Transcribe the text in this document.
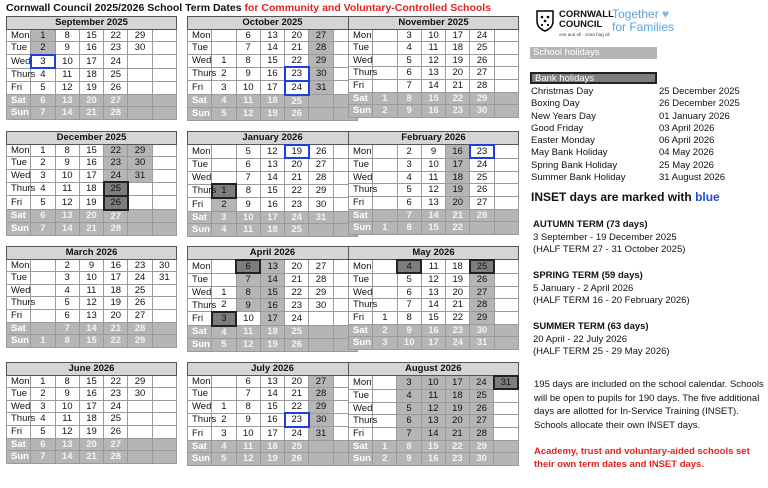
Cornwall Council 2025/2026 School Term Dates for Community and Voluntary-Controlled Schools
September 2025						
Mon	1	8	15	22	29	
Tue	2	9	16	23	30	
Wed	3	10	17	24		
Thurs	4	11	18	25		
Fri	5	12	19	26		
Sat	6	13	20	27		
Sun	7	14	21	28		
October 2025						
Mon		6	13	20	27	
Tue		7	14	21	28	
Wed	1	8	15	22	29	
Thurs	2	9	16	23	30	
Fri	3	10	17	24	31	
Sat	4	11	18	25		
Sun	5	12	19	26		
November 2025						
Mon		3	10	17	24	
Tue		4	11	18	25	
Wed		5	12	19	26	
Thurs		6	13	20	27	
Fri		7	14	21	28	
Sat	1	8	15	22	29	
Sun	2	9	16	23	30	
December 2025						
Mon	1	8	15	22	29	
Tue	2	9	16	23	30	
Wed	3	10	17	24	31	
Thurs	4	11	18	25		
Fri	5	12	19	26		
Sat	6	13	20	27		
Sun	7	14	21	28		
January 2026						
Mon		5	12	19	26	
Tue		6	13	20	27	
Wed		7	14	21	28	
Thurs	1	8	15	22	29	
Fri	2	9	16	23	30	
Sat	3	10	17	24	31	
Sun	4	11	18	25		
February 2026						
Mon		2	9	16	23	
Tue		3	10	17	24	
Wed		4	11	18	25	
Thurs		5	12	19	26	
Fri		6	13	20	27	
Sat		7	14	21	28	
Sun	1	8	15	22		
March 2026						
Mon		2	9	16	23	30
Tue		3	10	17	24	31
Wed		4	11	18	25	
Thurs		5	12	19	26	
Fri		6	13	20	27	
Sat		7	14	21	28	
Sun	1	8	15	22	29	
April 2026						
Mon		6	13	20	27	
Tue		7	14	21	28	
Wed	1	8	15	22	29	
Thurs	2	9	16	23	30	
Fri	3	10	17	24		
Sat	4	11	18	25		
Sun	5	12	19	26		
May 2026						
Mon		4	11	18	25	
Tue		5	12	19	26	
Wed		6	13	20	27	
Thurs		7	14	21	28	
Fri	1	8	15	22	29	
Sat	2	9	16	23	30	
Sun	3	10	17	24	31	
June 2026						
Mon	1	8	15	22	29	
Tue	2	9	16	23	30	
Wed	3	10	17	24		
Thurs	4	11	18	25		
Fri	5	12	19	26		
Sat	6	13	20	27		
Sun	7	14	21	28		
July 2026						
Mon		6	13	20	27	
Tue		7	14	21	28	
Wed	1	8	15	22	29	
Thurs	2	9	16	23	30	
Fri	3	10	17	24	31	
Sat	4	11	18	25		
Sun	5	12	19	26		
August 2026						
Mon		3	10	17	24	31
Tue		4	11	18	25	
Wed		5	12	19	26	
Thurs		6	13	20	27	
Fri		7	14	21	28	
Sat	1	8	15	22	29	
Sun	2	9	16	23	30	
CORNWALL
COUNCIL
one and all · onan hag oll
Together ♥
for Families
School holidays
Bank holidays
Christmas Day	25 December 2025
Boxing Day	26 December 2025
New Years Day	01 January 2026
Good Friday	03 April 2026
Easter Monday	06 April 2026
May Bank Holiday	04 May 2026
Spring Bank Holiday	25 May 2026
Summer Bank Holiday	31 August 2026
INSET days are marked with blue
AUTUMN TERM (73 days)
3 September - 19 December 2025
(HALF TERM 27 - 31 October 2025)
SPRING TERM (59 days)
5 January - 2 April 2026
(HALF TERM 16 - 20 February 2026)
SUMMER TERM (63 days)
20 April - 22 July 2026
(HALF TERM 25 - 29 May 2026)
195 days are included on the school calendar. Schools will be open to pupils for 190 days. The five additional days are allotted for In-Service Training (INSET). Schools allocate their own INSET days.
Academy, trust and voluntary-aided schools set their own term dates and INSET days.
